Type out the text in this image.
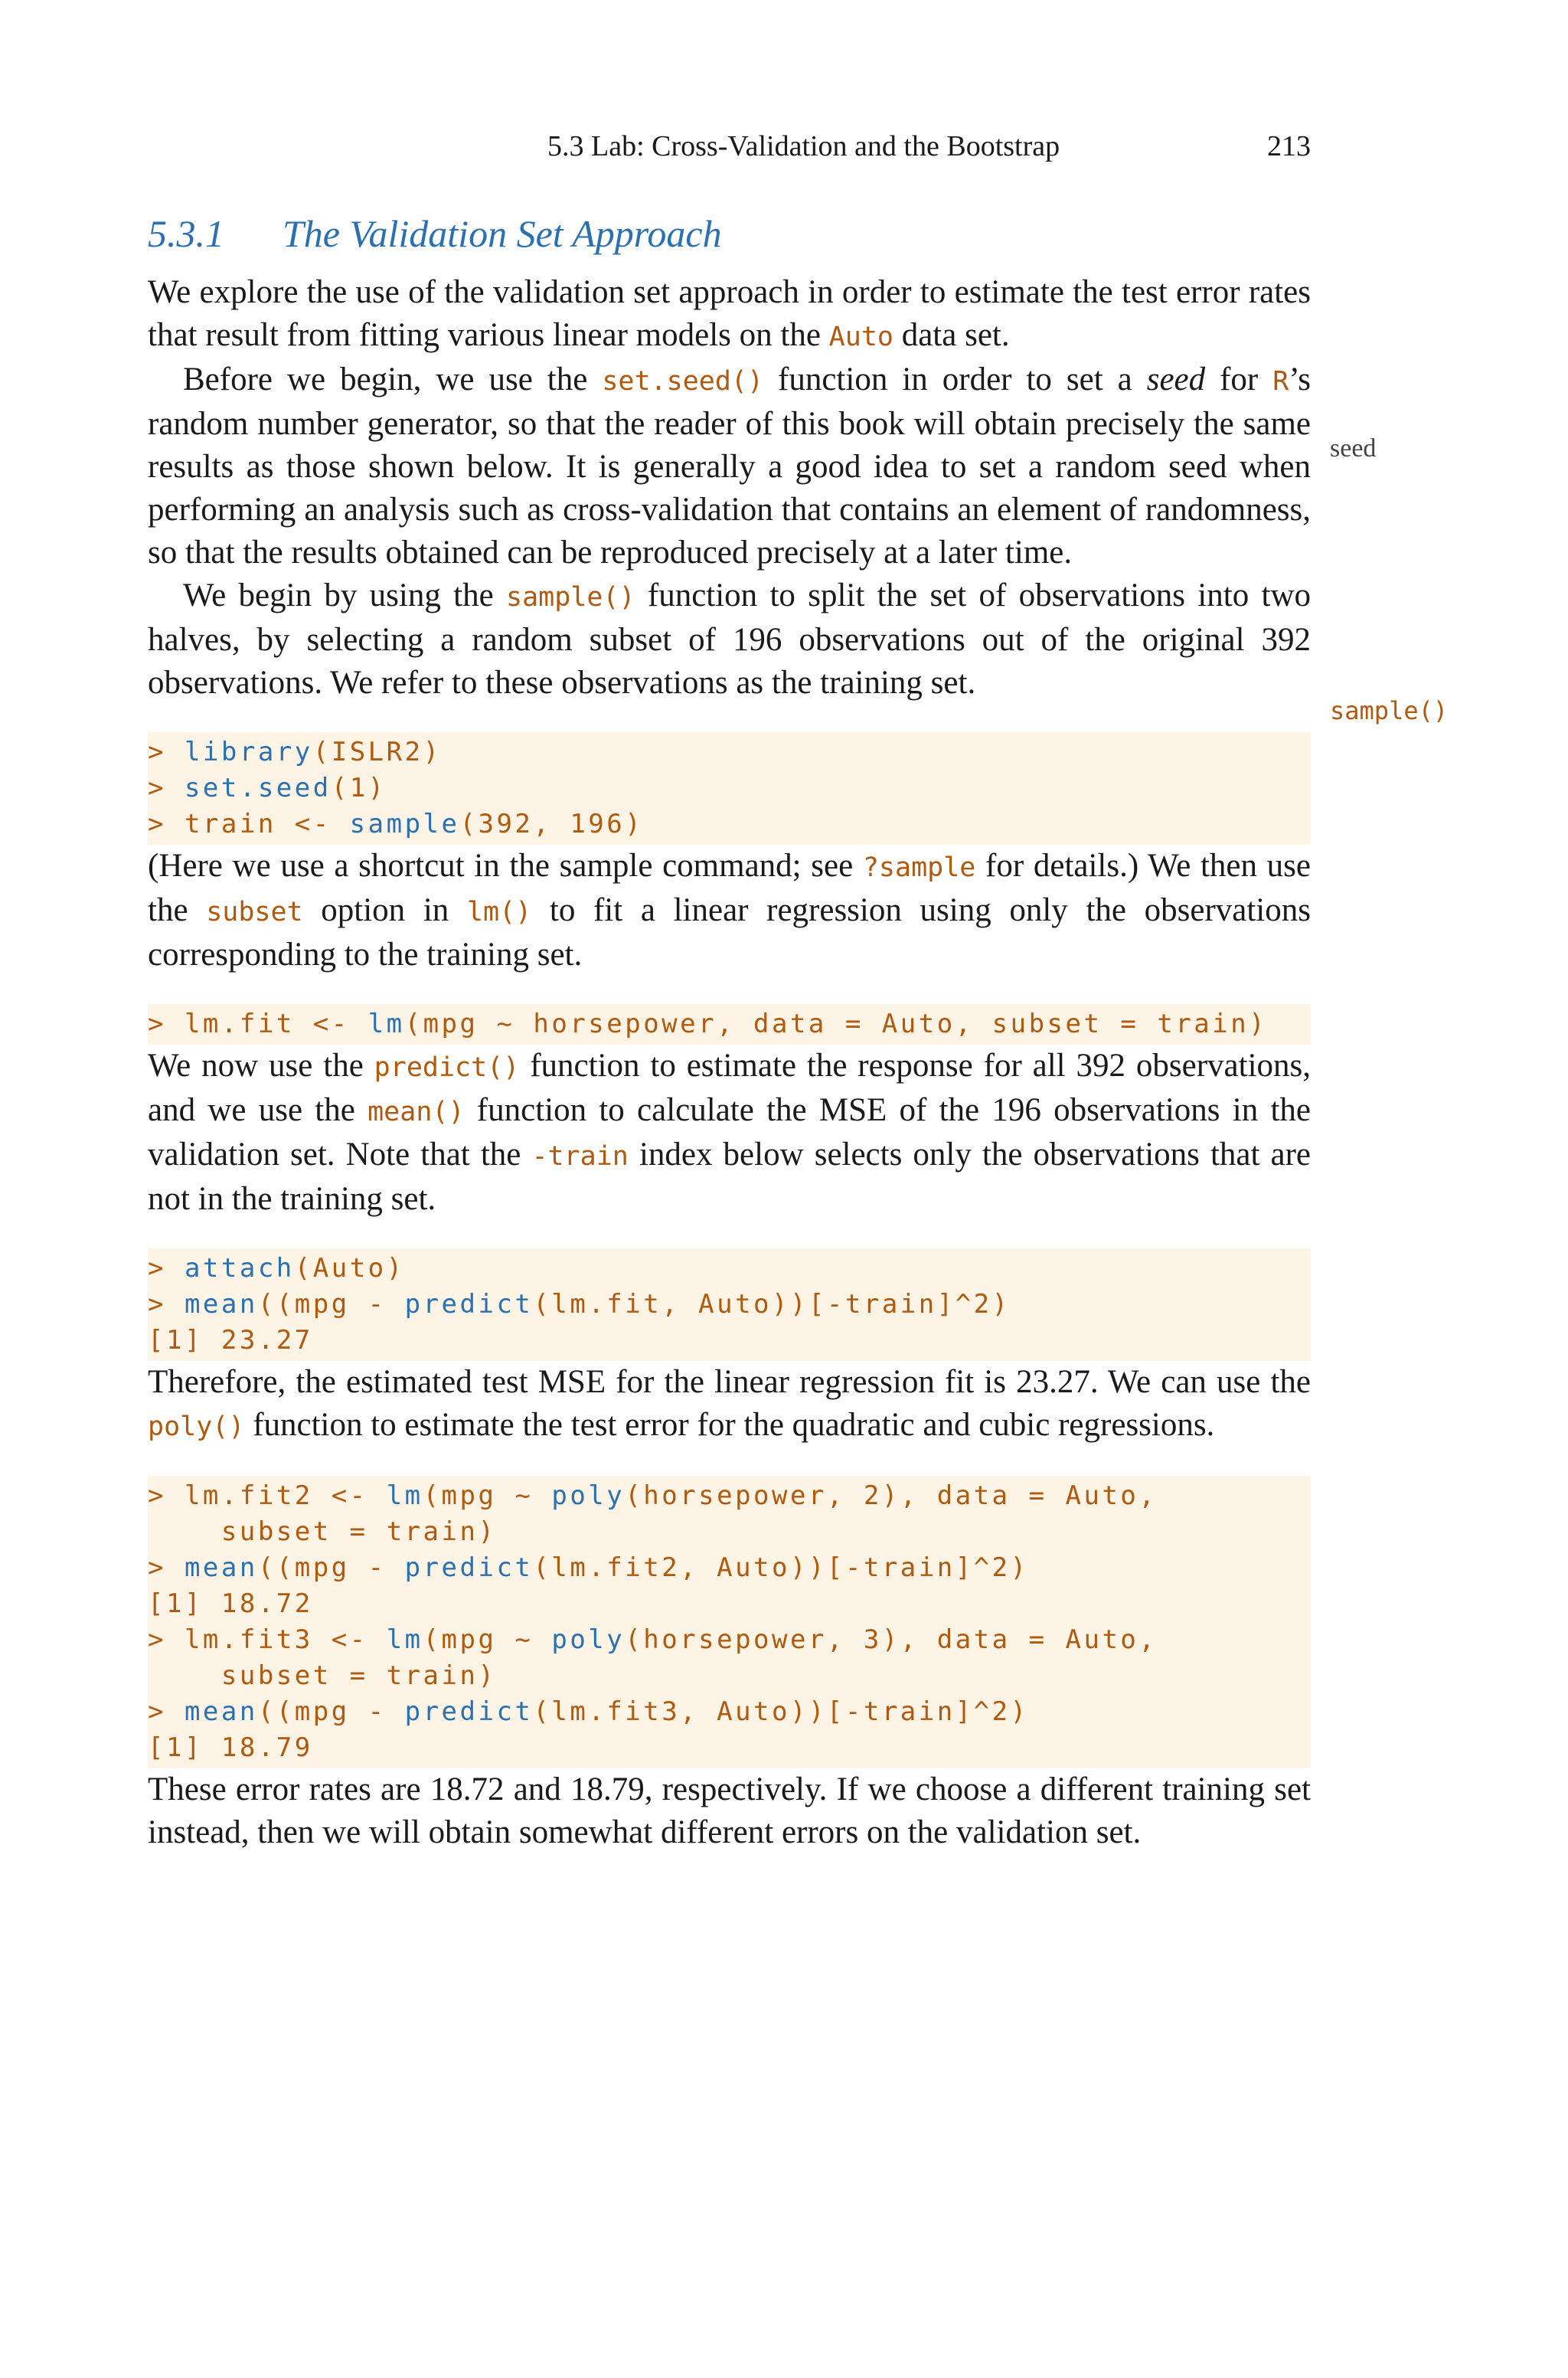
5.3 Lab: Cross-Validation and the Bootstrap	213
seed
sample()
5.3.1 The Validation Set Approach

We explore the use of the validation set approach in order to estimate the test error rates that result from fitting various linear models on the Auto data set.

Before we begin, we use the set.seed() function in order to set a seed for R’s random number generator, so that the reader of this book will obtain precisely the same results as those shown below. It is generally a good idea to set a random seed when performing an analysis such as cross-validation that contains an element of randomness, so that the results obtained can be reproduced precisely at a later time.

We begin by using the sample() function to split the set of observations into two halves, by selecting a random subset of 196 observations out of the original 392 observations. We refer to these observations as the training set.

> library(ISLR2)
> set.seed(1)
> train <- sample(392, 196)

(Here we use a shortcut in the sample command; see ?sample for details.) We then use the subset option in lm() to fit a linear regression using only the observations corresponding to the training set.

> lm.fit <- lm(mpg ~ horsepower, data = Auto, subset = train)

We now use the predict() function to estimate the response for all 392 observations, and we use the mean() function to calculate the MSE of the 196 observations in the validation set. Note that the -train index below selects only the observations that are not in the training set.

> attach(Auto)
> mean((mpg - predict(lm.fit, Auto))[-train]^2)
[1] 23.27

Therefore, the estimated test MSE for the linear regression fit is 23.27. We can use the poly() function to estimate the test error for the quadratic and cubic regressions.

> lm.fit2 <- lm(mpg ~ poly(horsepower, 2), data = Auto,
subset = train)
> mean((mpg - predict(lm.fit2, Auto))[-train]^2)
[1] 18.72
> lm.fit3 <- lm(mpg ~ poly(horsepower, 3), data = Auto,
subset = train)
> mean((mpg - predict(lm.fit3, Auto))[-train]^2)
[1] 18.79

These error rates are 18.72 and 18.79, respectively. If we choose a different training set instead, then we will obtain somewhat different errors on the validation set.
